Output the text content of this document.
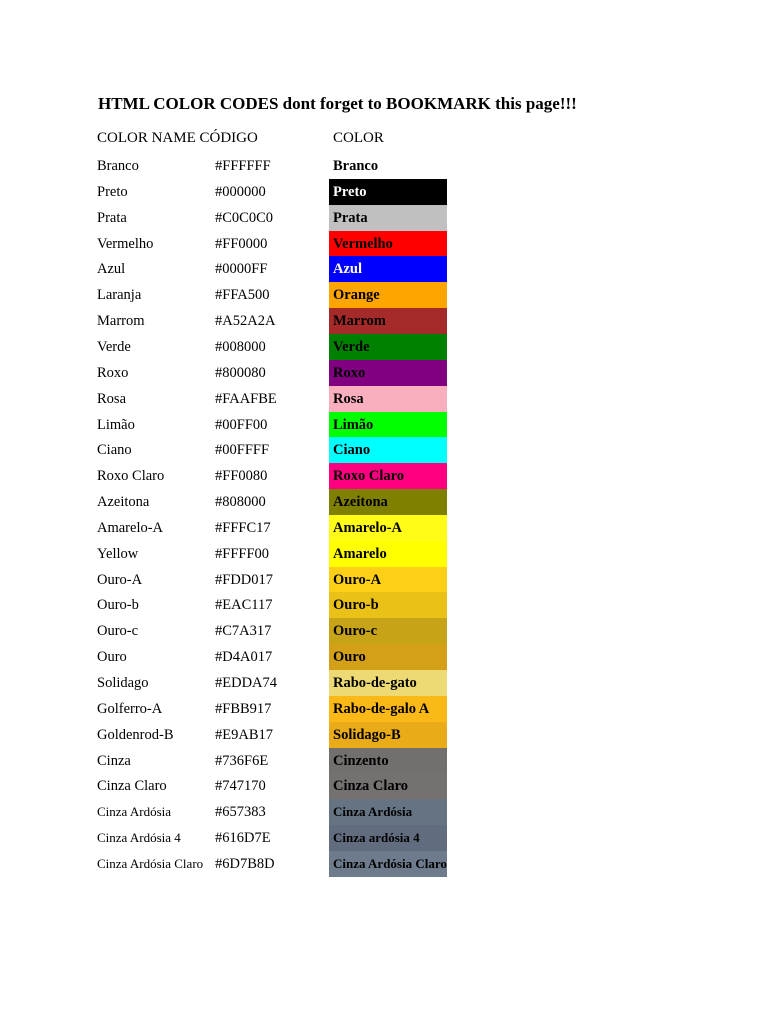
HTML COLOR CODES dont forget to BOOKMARK this page!!!
COLOR NAME CÓDIGO	COLOR
Branco	#FFFFFF	Branco
Preto	#000000	Preto
Prata	#C0C0C0	Prata
Vermelho	#FF0000	Vermelho
Azul	#0000FF	Azul
Laranja	#FFA500	Orange
Marrom	#A52A2A	Marrom
Verde	#008000	Verde
Roxo	#800080	Roxo
Rosa	#FAAFBE	Rosa
Limão	#00FF00	Limão
Ciano	#00FFFF	Ciano
Roxo Claro	#FF0080	Roxo Claro
Azeitona	#808000	Azeitona
Amarelo-A	#FFFC17	Amarelo-A
Yellow	#FFFF00	Amarelo
Ouro-A	#FDD017	Ouro-A
Ouro-b	#EAC117	Ouro-b
Ouro-c	#C7A317	Ouro-c
Ouro	#D4A017	Ouro
Solidago	#EDDA74	Rabo-de-gato
Golferro-A	#FBB917	Rabo-de-galo A
Goldenrod-B	#E9AB17	Solidago-B
Cinza	#736F6E	Cinzento
Cinza Claro	#747170	Cinza Claro
Cinza Ardósia	#657383	Cinza Ardósia
Cinza Ardósia 4 #616D7E	Cinza ardósia 4
Cinza Ardósia Claro #6D7B8D	Cinza Ardósia Claro
